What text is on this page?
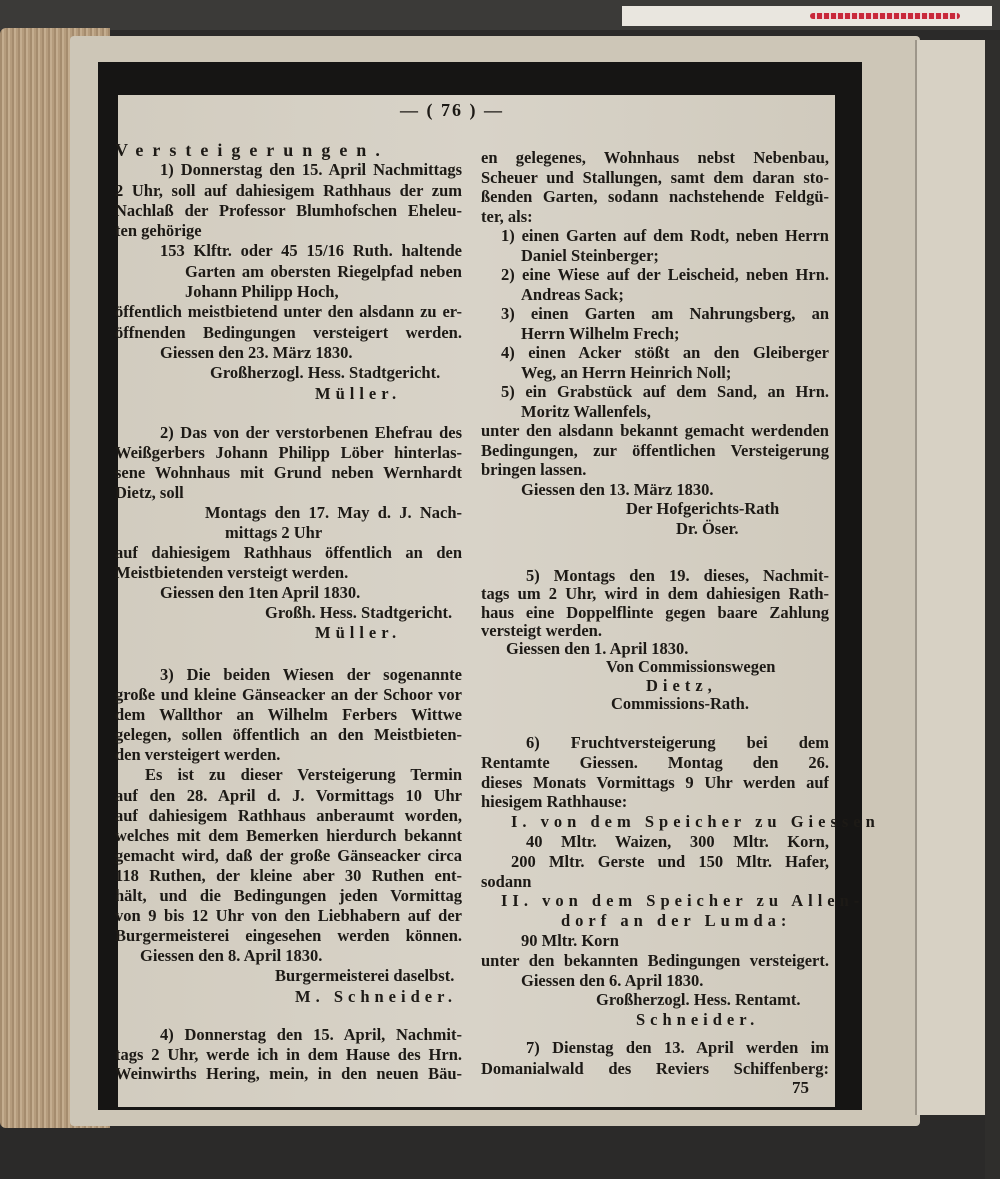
— ( 76 ) —
Versteigerungen.
1) Donnerstag den 15. April Nachmittags
2 Uhr, soll auf dahiesigem Rathhaus der zum
Nachlaß der Professor Blumhofschen Eheleu-
ten gehörige
153 Klftr. oder 45 15/16 Ruth. haltende
Garten am obersten Riegelpfad neben
Johann Philipp Hoch,
öffentlich meistbietend unter den alsdann zu er-
öffnenden Bedingungen versteigert werden.
Giessen den 23. März 1830.
Großherzogl. Hess. Stadtgericht.
Müller.
2) Das von der verstorbenen Ehefrau des
Weißgerbers Johann Philipp Löber hinterlas-
sene Wohnhaus mit Grund neben Wernhardt
Dietz, soll
Montags den 17. May d. J. Nach-
mittags 2 Uhr
auf dahiesigem Rathhaus öffentlich an den
Meistbietenden versteigt werden.
Giessen den 1ten April 1830.
Großh. Hess. Stadtgericht.
Müller.
3) Die beiden Wiesen der sogenannte
große und kleine Gänseacker an der Schoor vor
dem Wallthor an Wilhelm Ferbers Wittwe
gelegen, sollen öffentlich an den Meistbieten-
den versteigert werden.
Es ist zu dieser Versteigerung Termin
auf den 28. April d. J. Vormittags 10 Uhr
auf dahiesigem Rathhaus anberaumt worden,
welches mit dem Bemerken hierdurch bekannt
gemacht wird, daß der große Gänseacker circa
118 Ruthen, der kleine aber 30 Ruthen ent-
hält, und die Bedingungen jeden Vormittag
von 9 bis 12 Uhr von den Liebhabern auf der
Burgermeisterei eingesehen werden können.
Giessen den 8. April 1830.
Burgermeisterei daselbst.
M. Schneider.
4) Donnerstag den 15. April, Nachmit-
tags 2 Uhr, werde ich in dem Hause des Hrn.
Weinwirths Hering, mein, in den neuen Bäu-
en gelegenes, Wohnhaus nebst Nebenbau,
Scheuer und Stallungen, samt dem daran sto-
ßenden Garten, sodann nachstehende Feldgü-
ter, als:
1) einen Garten auf dem Rodt, neben Herrn
Daniel Steinberger;
2) eine Wiese auf der Leischeid, neben Hrn.
Andreas Sack;
3) einen Garten am Nahrungsberg, an
Herrn Wilhelm Frech;
4) einen Acker stößt an den Gleiberger
Weg, an Herrn Heinrich Noll;
5) ein Grabstück auf dem Sand, an Hrn.
Moritz Wallenfels,
unter den alsdann bekannt gemacht werdenden
Bedingungen, zur öffentlichen Versteigerung
bringen lassen.
Giessen den 13. März 1830.
Der Hofgerichts-Rath
Dr. Öser.
5) Montags den 19. dieses, Nachmit-
tags um 2 Uhr, wird in dem dahiesigen Rath-
haus eine Doppelflinte gegen baare Zahlung
versteigt werden.
Giessen den 1. April 1830.
Von Commissionswegen
Dietz,
Commissions-Rath.
6) Fruchtversteigerung bei dem
Rentamte Giessen. Montag den 26.
dieses Monats Vormittags 9 Uhr werden auf
hiesigem Rathhause:
I. von dem Speicher zu Giessen
40 Mltr. Waizen, 300 Mltr. Korn,
200 Mltr. Gerste und 150 Mltr. Hafer,
sodann
II. von dem Speicher zu Allen-
dorf an der Lumda:
90 Mltr. Korn
unter den bekannten Bedingungen versteigert.
Giessen den 6. April 1830.
Großherzogl. Hess. Rentamt.
Schneider.
7) Dienstag den 13. April werden im
Domanialwald des Reviers Schiffenberg:
75
